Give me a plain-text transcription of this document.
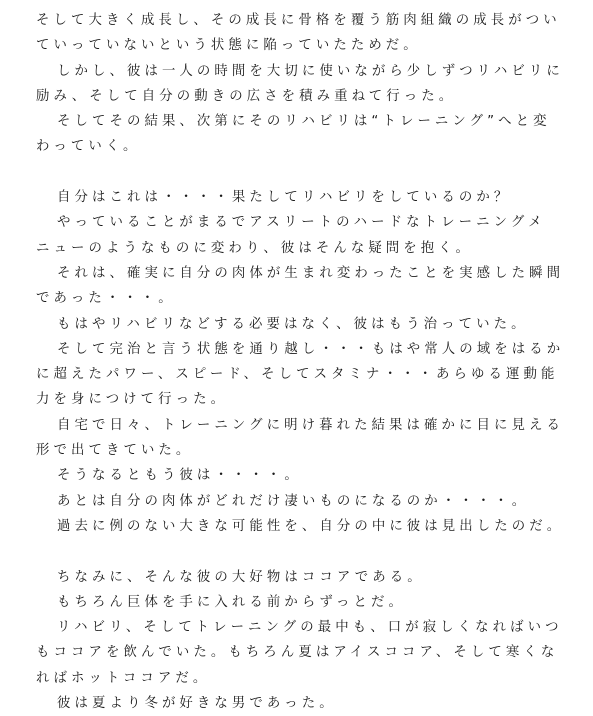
そして大きく成長し、その成長に骨格を覆う筋肉組織の成長がつい
ていっていないという状態に陥っていたためだ。
しかし、彼は一人の時間を大切に使いながら少しずつリハビリに
励み、そして自分の動きの広さを積み重ねて行った。
そしてその結果、次第にそのリハビリは“トレーニング”へと変
わっていく。
自分はこれは・・・・果たしてリハビリをしているのか？
やっていることがまるでアスリートのハードなトレーニングメ
ニューのようなものに変わり、彼はそんな疑問を抱く。
それは、確実に自分の肉体が生まれ変わったことを実感した瞬間
であった・・・。
もはやリハビリなどする必要はなく、彼はもう治っていた。
そして完治と言う状態を通り越し・・・もはや常人の域をはるか
に超えたパワー、スピード、そしてスタミナ・・・あらゆる運動能
力を身につけて行った。
自宅で日々、トレーニングに明け暮れた結果は確かに目に見える
形で出てきていた。
そうなるともう彼は・・・・。
あとは自分の肉体がどれだけ凄いものになるのか・・・・。
過去に例のない大きな可能性を、自分の中に彼は見出したのだ。
ちなみに、そんな彼の大好物はココアである。
もちろん巨体を手に入れる前からずっとだ。
リハビリ、そしてトレーニングの最中も、口が寂しくなればいつ
もココアを飲んでいた。もちろん夏はアイスココア、そして寒くな
ればホットココアだ。
彼は夏より冬が好きな男であった。
